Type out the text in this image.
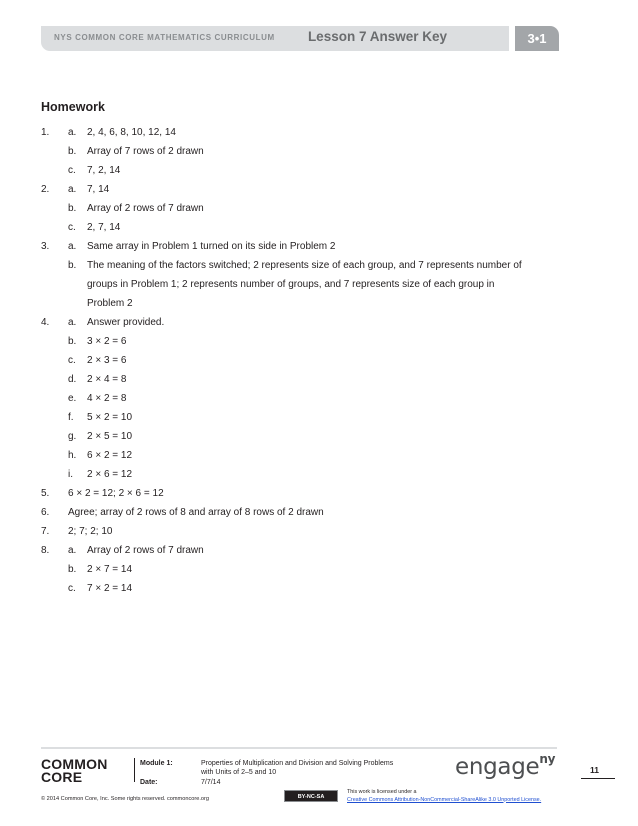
NYS COMMON CORE MATHEMATICS CURRICULUM Lesson 7 Answer Key	3•1
Homework
1. a. 2, 4, 6, 8, 10, 12, 14
b. Array of 7 rows of 2 drawn
c. 7, 2, 14
2. a. 7, 14
b. Array of 2 rows of 7 drawn
c. 2, 7, 14
3. a. Same array in Problem 1 turned on its side in Problem 2
b. The meaning of the factors switched; 2 represents size of each group, and 7 represents number of
groups in Problem 1; 2 represents number of groups, and 7 represents size of each group in
Problem 2
4. a. Answer provided.
b. 3 × 2 = 6
c. 2 × 3 = 6
d. 2 × 4 = 8
e. 4 × 2 = 8
f. 5 × 2 = 10
g. 2 × 5 = 10
h. 6 × 2 = 12
i. 2 × 6 = 12
5. 6 × 2 = 12; 2 × 6 = 12
6. Agree; array of 2 rows of 8 and array of 8 rows of 2 drawn
7. 2; 7; 2; 10
8. a. Array of 2 rows of 7 drawn
b. 2 × 7 = 14
c. 7 × 2 = 14
COMMON
CORE
Module 1:	Properties of Multiplication and Division and Solving Problems
with Units of 2–5 and 10
Date:	7/7/14
engage$^{ny}$
11
© 2014 Common Core, Inc. Some rights reserved. commoncore.org	BY-NC-SA
This work is licensed under a
Creative Commons Attribution-NonCommercial-ShareAlike 3.0 Unported License.
